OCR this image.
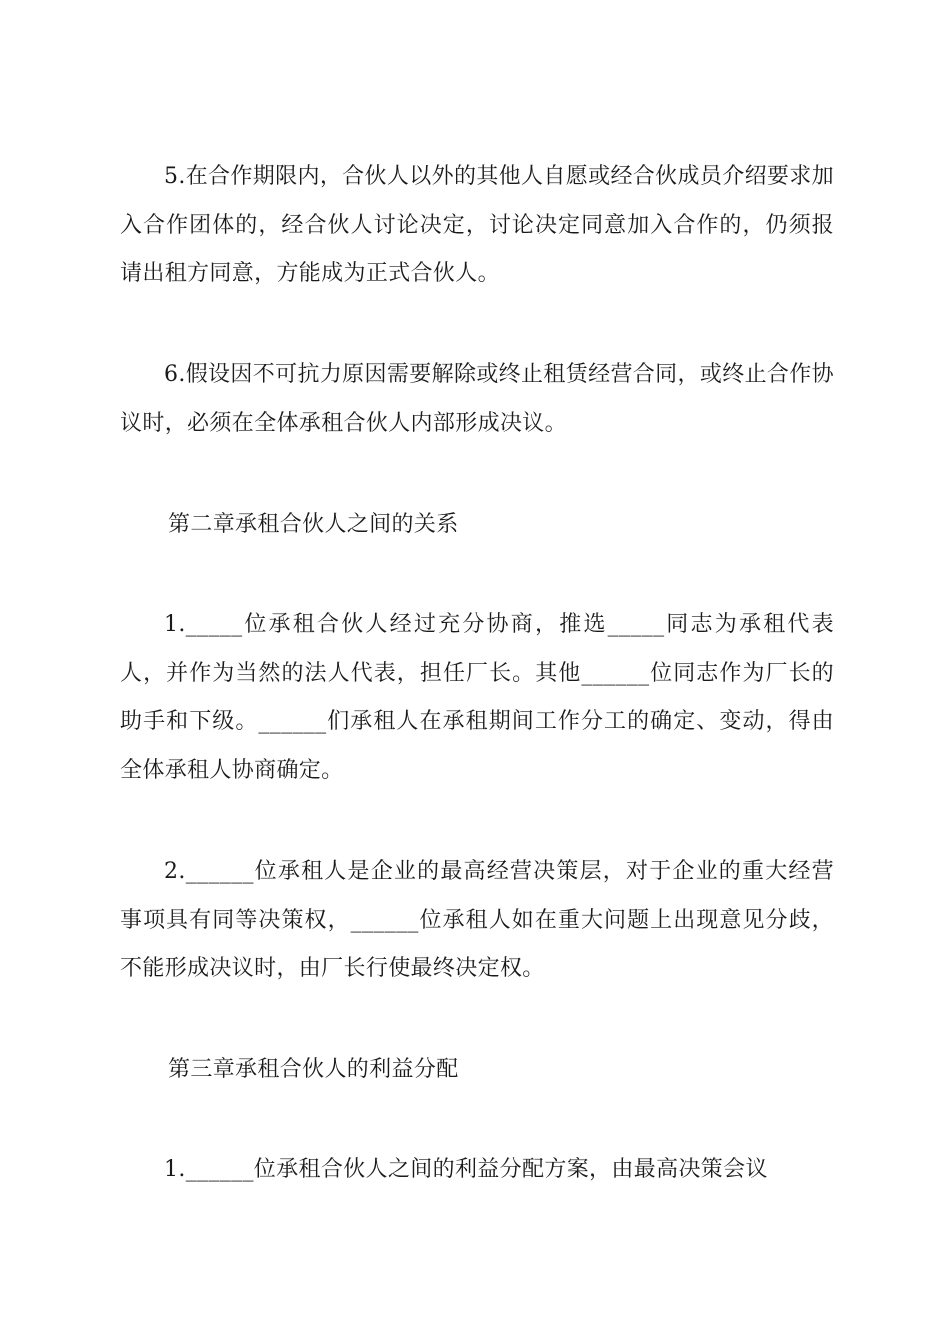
5.在合作期限内，合伙人以外的其他人自愿或经合伙成员介绍要求加入合作团体的，经合伙人讨论决定，讨论决定同意加入合作的，仍须报请出租方同意，方能成为正式合伙人。

6.假设因不可抗力原因需要解除或终止租赁经营合同，或终止合作协议时，必须在全体承租合伙人内部形成决议。

第二章承租合伙人之间的关系

1._____位承租合伙人经过充分协商，推选_____同志为承租代表人，并作为当然的法人代表，担任厂长。其他______位同志作为厂长的助手和下级。______们承租人在承租期间工作分工的确定、变动，得由全体承租人协商确定。

2.______位承租人是企业的最高经营决策层，对于企业的重大经营事项具有同等决策权，______位承租人如在重大问题上出现意见分歧，不能形成决议时，由厂长行使最终决定权。

第三章承租合伙人的利益分配

1.______位承租合伙人之间的利益分配方案，由最高决策会议
